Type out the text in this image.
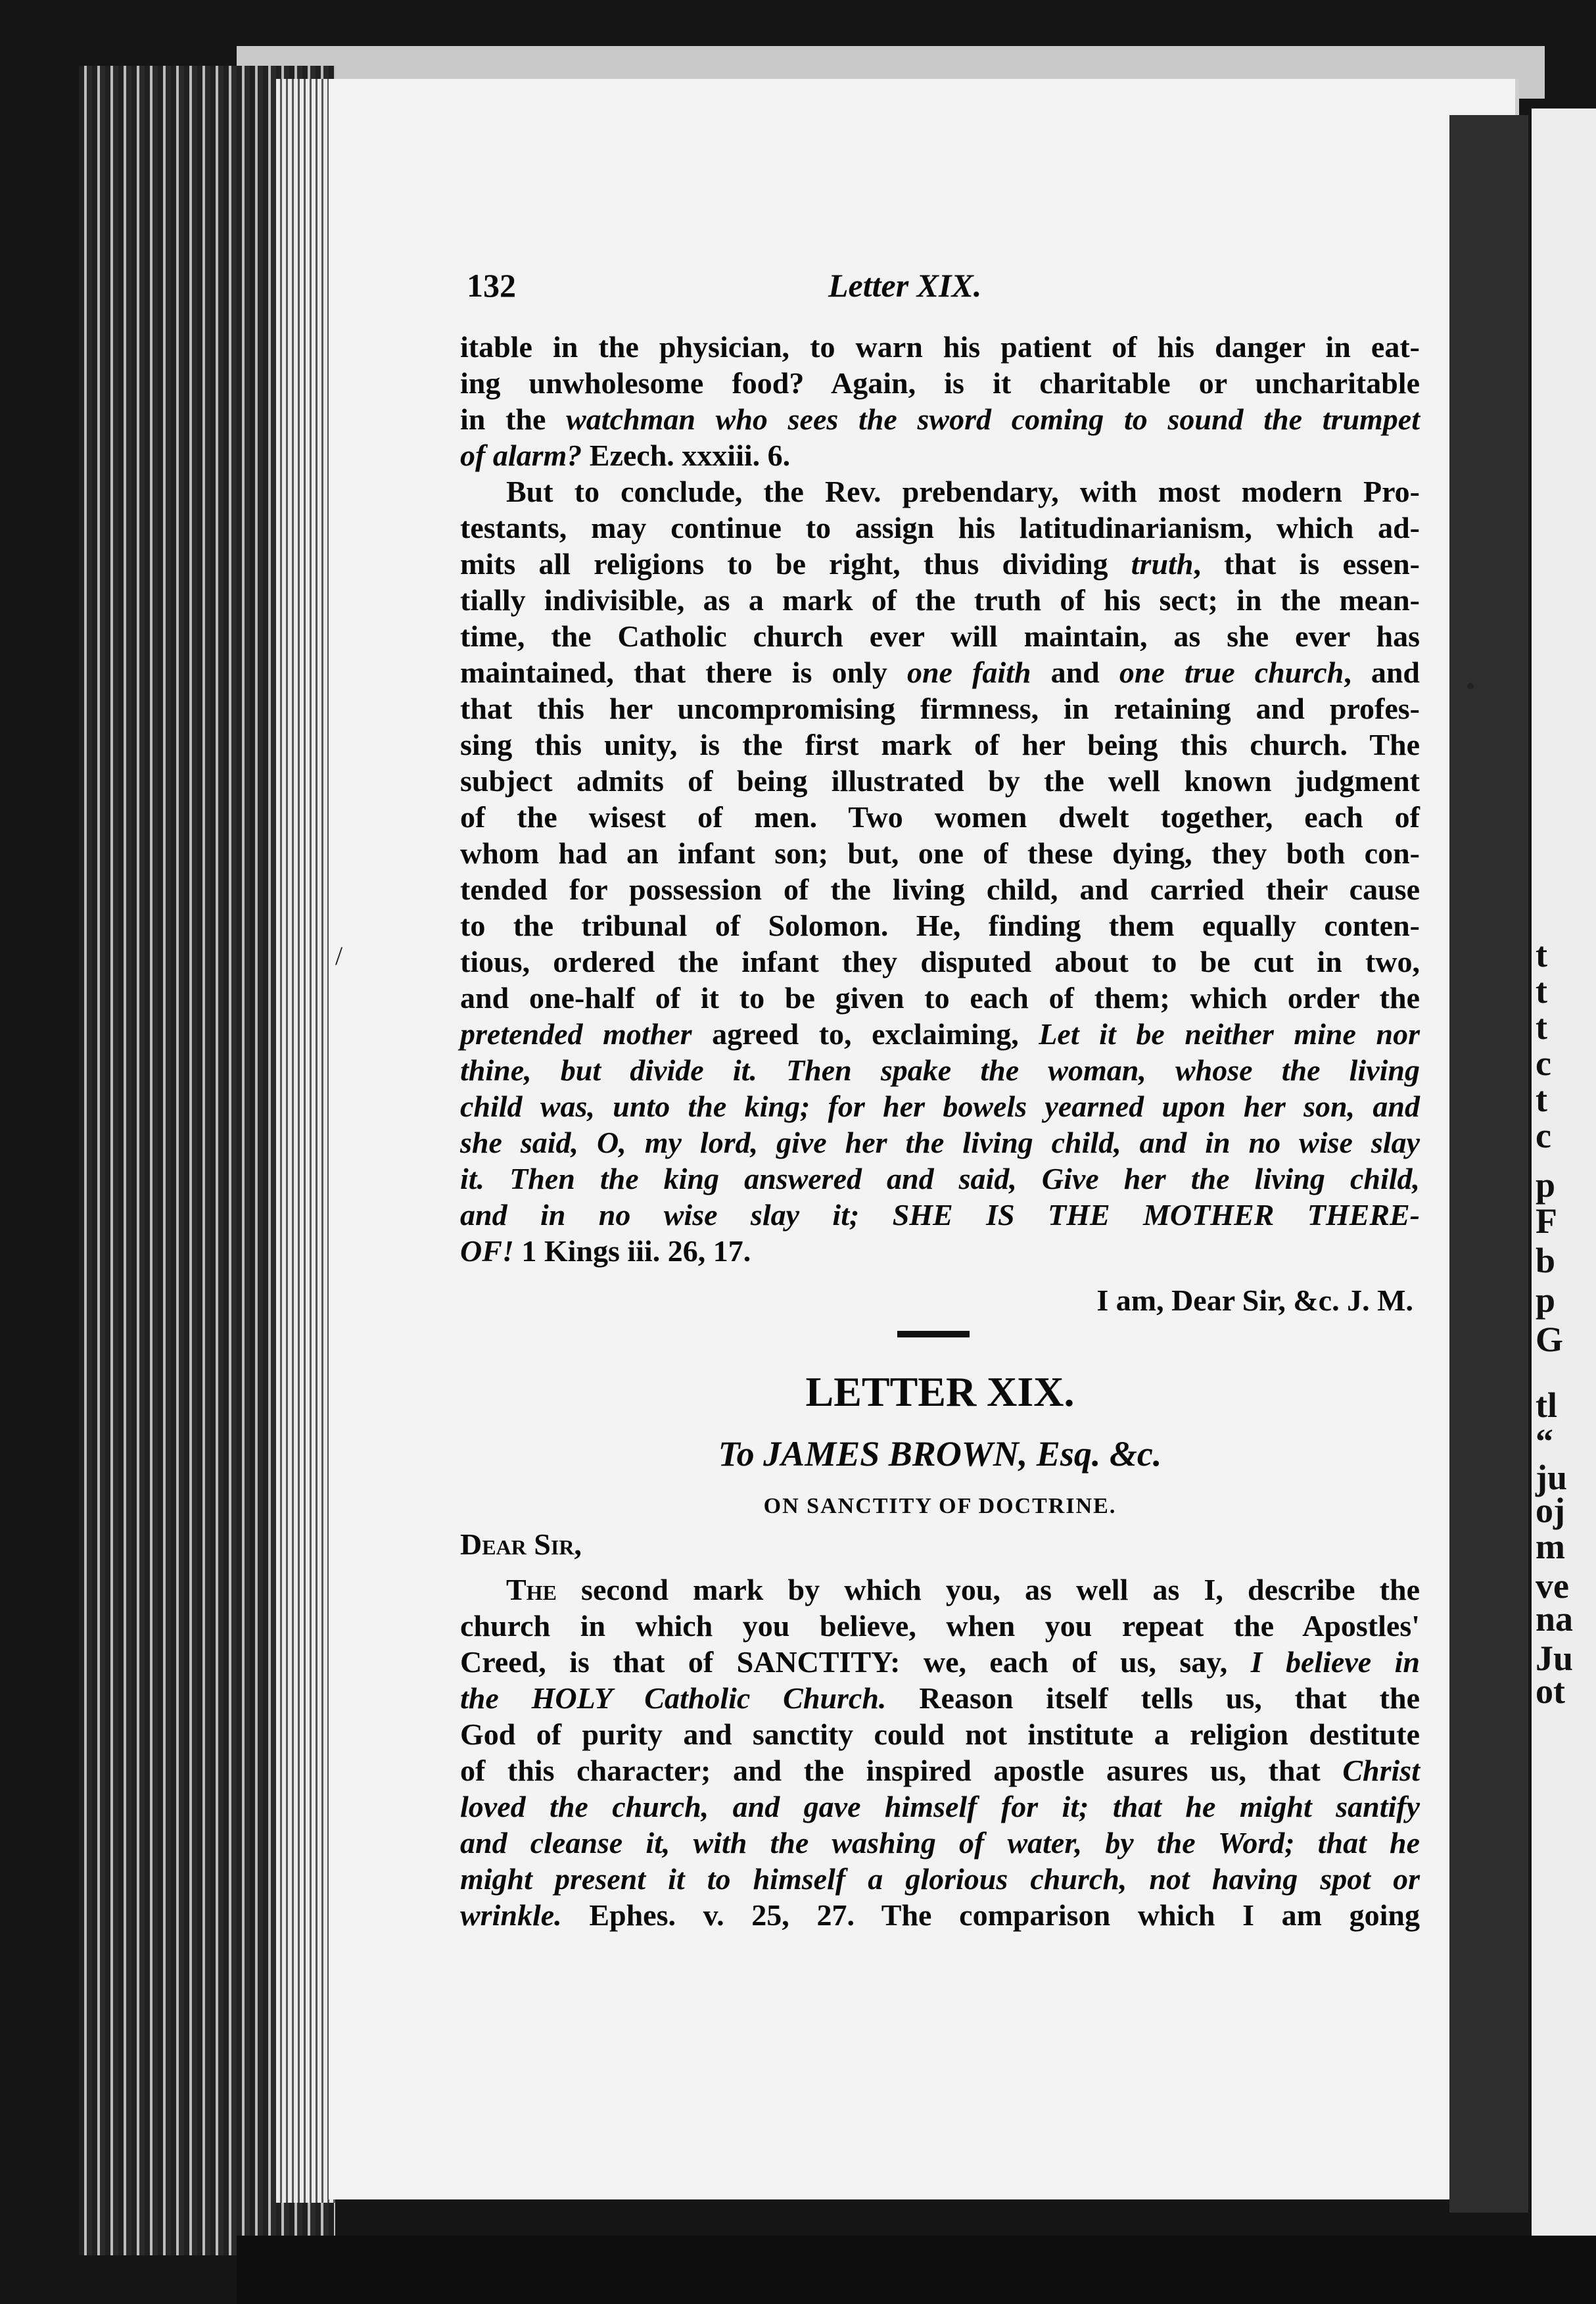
t
t
t
c
t
c
p
F
b
p
G
tl
“
ju
oj
m
ve
na
Ju
ot
132	Letter XIX.
itable in the physician, to warn his patient of his danger in eat-
ing unwholesome food? Again, is it charitable or uncharitable
in the watchman who sees the sword coming to sound the trumpet
of alarm? Ezech. xxxiii. 6.
But to conclude, the Rev. prebendary, with most modern Pro-
testants, may continue to assign his latitudinarianism, which ad-
mits all religions to be right, thus dividing truth, that is essen-
tially indivisible, as a mark of the truth of his sect; in the mean-
time, the Catholic church ever will maintain, as she ever has
maintained, that there is only one faith and one true church, and
that this her uncompromising firmness, in retaining and profes-
sing this unity, is the first mark of her being this church. The
subject admits of being illustrated by the well known judgment
of the wisest of men. Two women dwelt together, each of
whom had an infant son; but, one of these dying, they both con-
tended for possession of the living child, and carried their cause
to the tribunal of Solomon. He, finding them equally conten-
tious, ordered the infant they disputed about to be cut in two,
and one-half of it to be given to each of them; which order the
pretended mother agreed to, exclaiming, Let it be neither mine nor
thine, but divide it. Then spake the woman, whose the living
child was, unto the king; for her bowels yearned upon her son, and
she said, O, my lord, give her the living child, and in no wise slay
it. Then the king answered and said, Give her the living child,
and in no wise slay it; SHE IS THE MOTHER THERE-
OF! 1 Kings iii. 26, 17.
I am, Dear Sir, &c. J. M.
LETTER XIX.
To JAMES BROWN, Esq. &c.
ON SANCTITY OF DOCTRINE.
Dear Sir,
The second mark by which you, as well as I, describe the
church in which you believe, when you repeat the Apostles'
Creed, is that of SANCTITY: we, each of us, say, I believe in
the HOLY Catholic Church. Reason itself tells us, that the
God of purity and sanctity could not institute a religion destitute
of this character; and the inspired apostle asures us, that Christ
loved the church, and gave himself for it; that he might santify
and cleanse it, with the washing of water, by the Word; that he
might present it to himself a glorious church, not having spot or
wrinkle. Ephes. v. 25, 27. The comparison which I am going
/
•
